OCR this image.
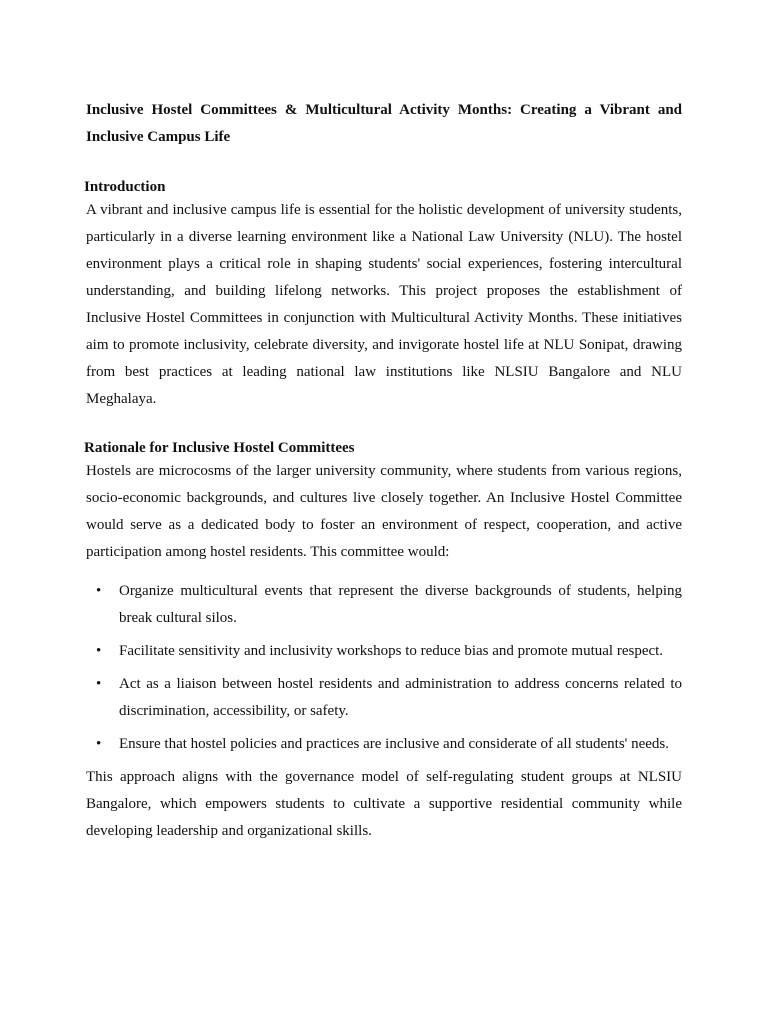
Inclusive Hostel Committees & Multicultural Activity Months: Creating a Vibrant and Inclusive Campus Life

Introduction

A vibrant and inclusive campus life is essential for the holistic development of university students, particularly in a diverse learning environment like a National Law University (NLU). The hostel environment plays a critical role in shaping students' social experiences, fostering intercultural understanding, and building lifelong networks. This project proposes the establishment of Inclusive Hostel Committees in conjunction with Multicultural Activity Months. These initiatives aim to promote inclusivity, celebrate diversity, and invigorate hostel life at NLU Sonipat, drawing from best practices at leading national law institutions like NLSIU Bangalore and NLU Meghalaya.

Rationale for Inclusive Hostel Committees

Hostels are microcosms of the larger university community, where students from various regions, socio-economic backgrounds, and cultures live closely together. An Inclusive Hostel Committee would serve as a dedicated body to foster an environment of respect, cooperation, and active participation among hostel residents. This committee would:

• Organize multicultural events that represent the diverse backgrounds of students, helping break cultural silos.
• Facilitate sensitivity and inclusivity workshops to reduce bias and promote mutual respect.
• Act as a liaison between hostel residents and administration to address concerns related to discrimination, accessibility, or safety.
• Ensure that hostel policies and practices are inclusive and considerate of all students' needs.

This approach aligns with the governance model of self-regulating student groups at NLSIU Bangalore, which empowers students to cultivate a supportive residential community while developing leadership and organizational skills.
